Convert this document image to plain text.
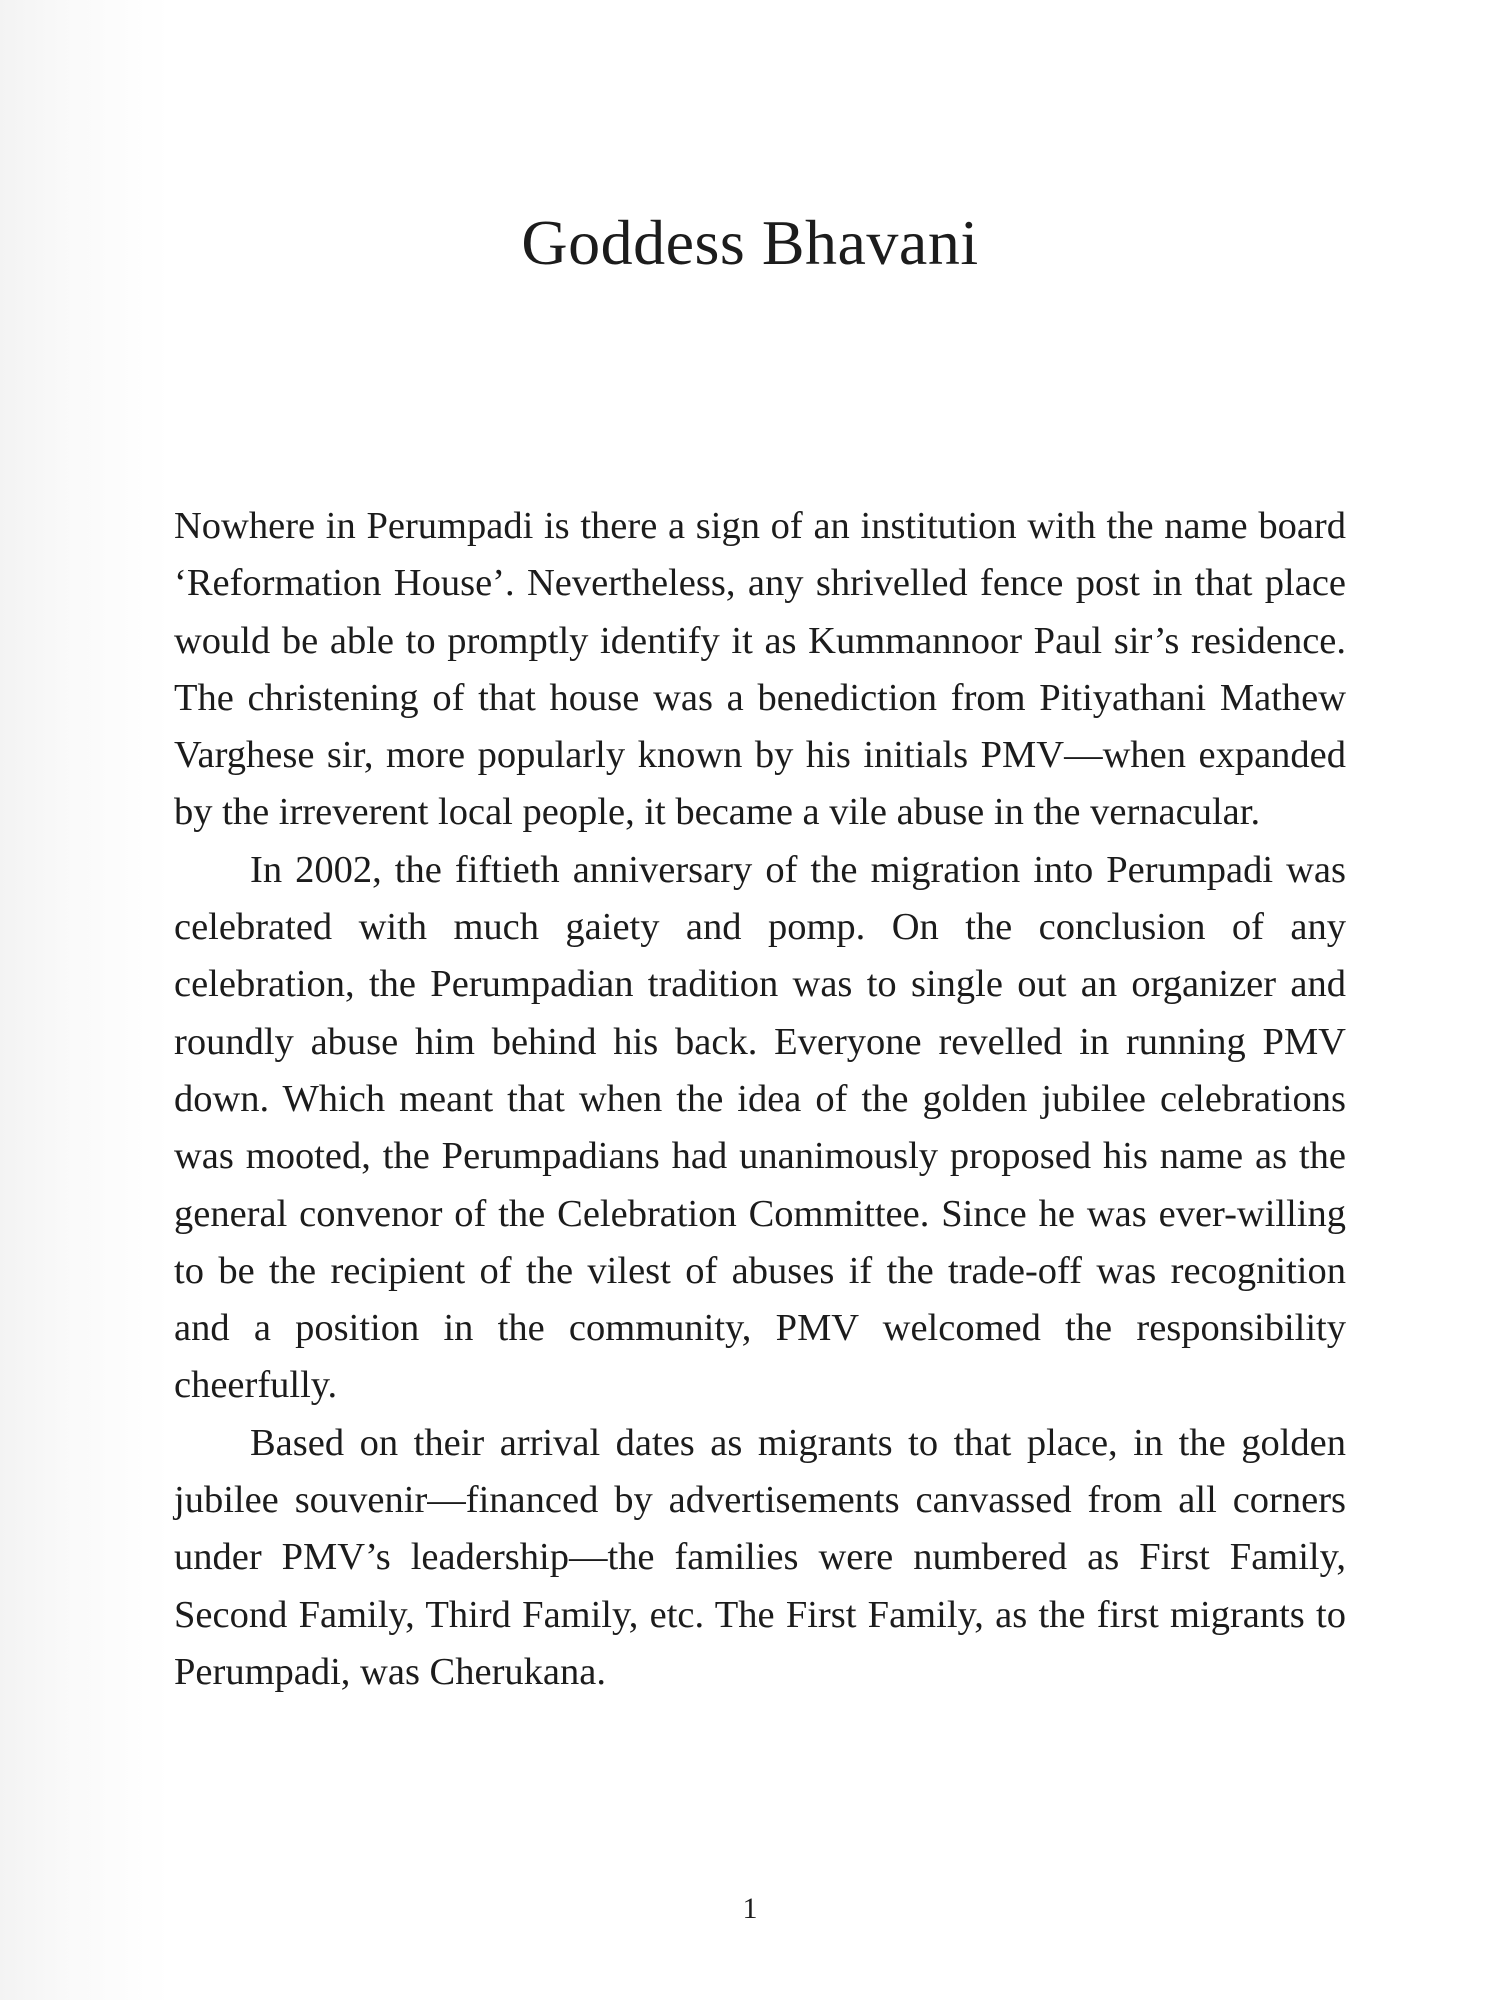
Goddess Bhavani

Nowhere in Perumpadi is there a sign of an institution with the name board ‘Reformation House’. Nevertheless, any shrivelled fence post in that place would be able to promptly identify it as Kummannoor Paul sir’s residence. The christening of that house was a benediction from Pitiyathani Mathew Varghese sir, more popularly known by his initials PMV—when expanded by the irreverent local people, it became a vile abuse in the vernacular.

In 2002, the fiftieth anniversary of the migration into Perumpadi was celebrated with much gaiety and pomp. On the conclusion of any celebration, the Perumpadian tradition was to single out an organizer and roundly abuse him behind his back. Everyone revelled in running PMV down. Which meant that when the idea of the golden jubilee celebrations was mooted, the Perumpadians had unanimously proposed his name as the general convenor of the Celebration Committee. Since he was ever-willing to be the recipient of the vilest of abuses if the trade-off was recognition and a position in the community, PMV welcomed the responsibility cheerfully.

Based on their arrival dates as migrants to that place, in the golden jubilee souvenir—financed by advertisements canvassed from all corners under PMV’s leadership—the families were numbered as First Family, Second Family, Third Family, etc. The First Family, as the first migrants to Perumpadi, was Cherukana.

1
